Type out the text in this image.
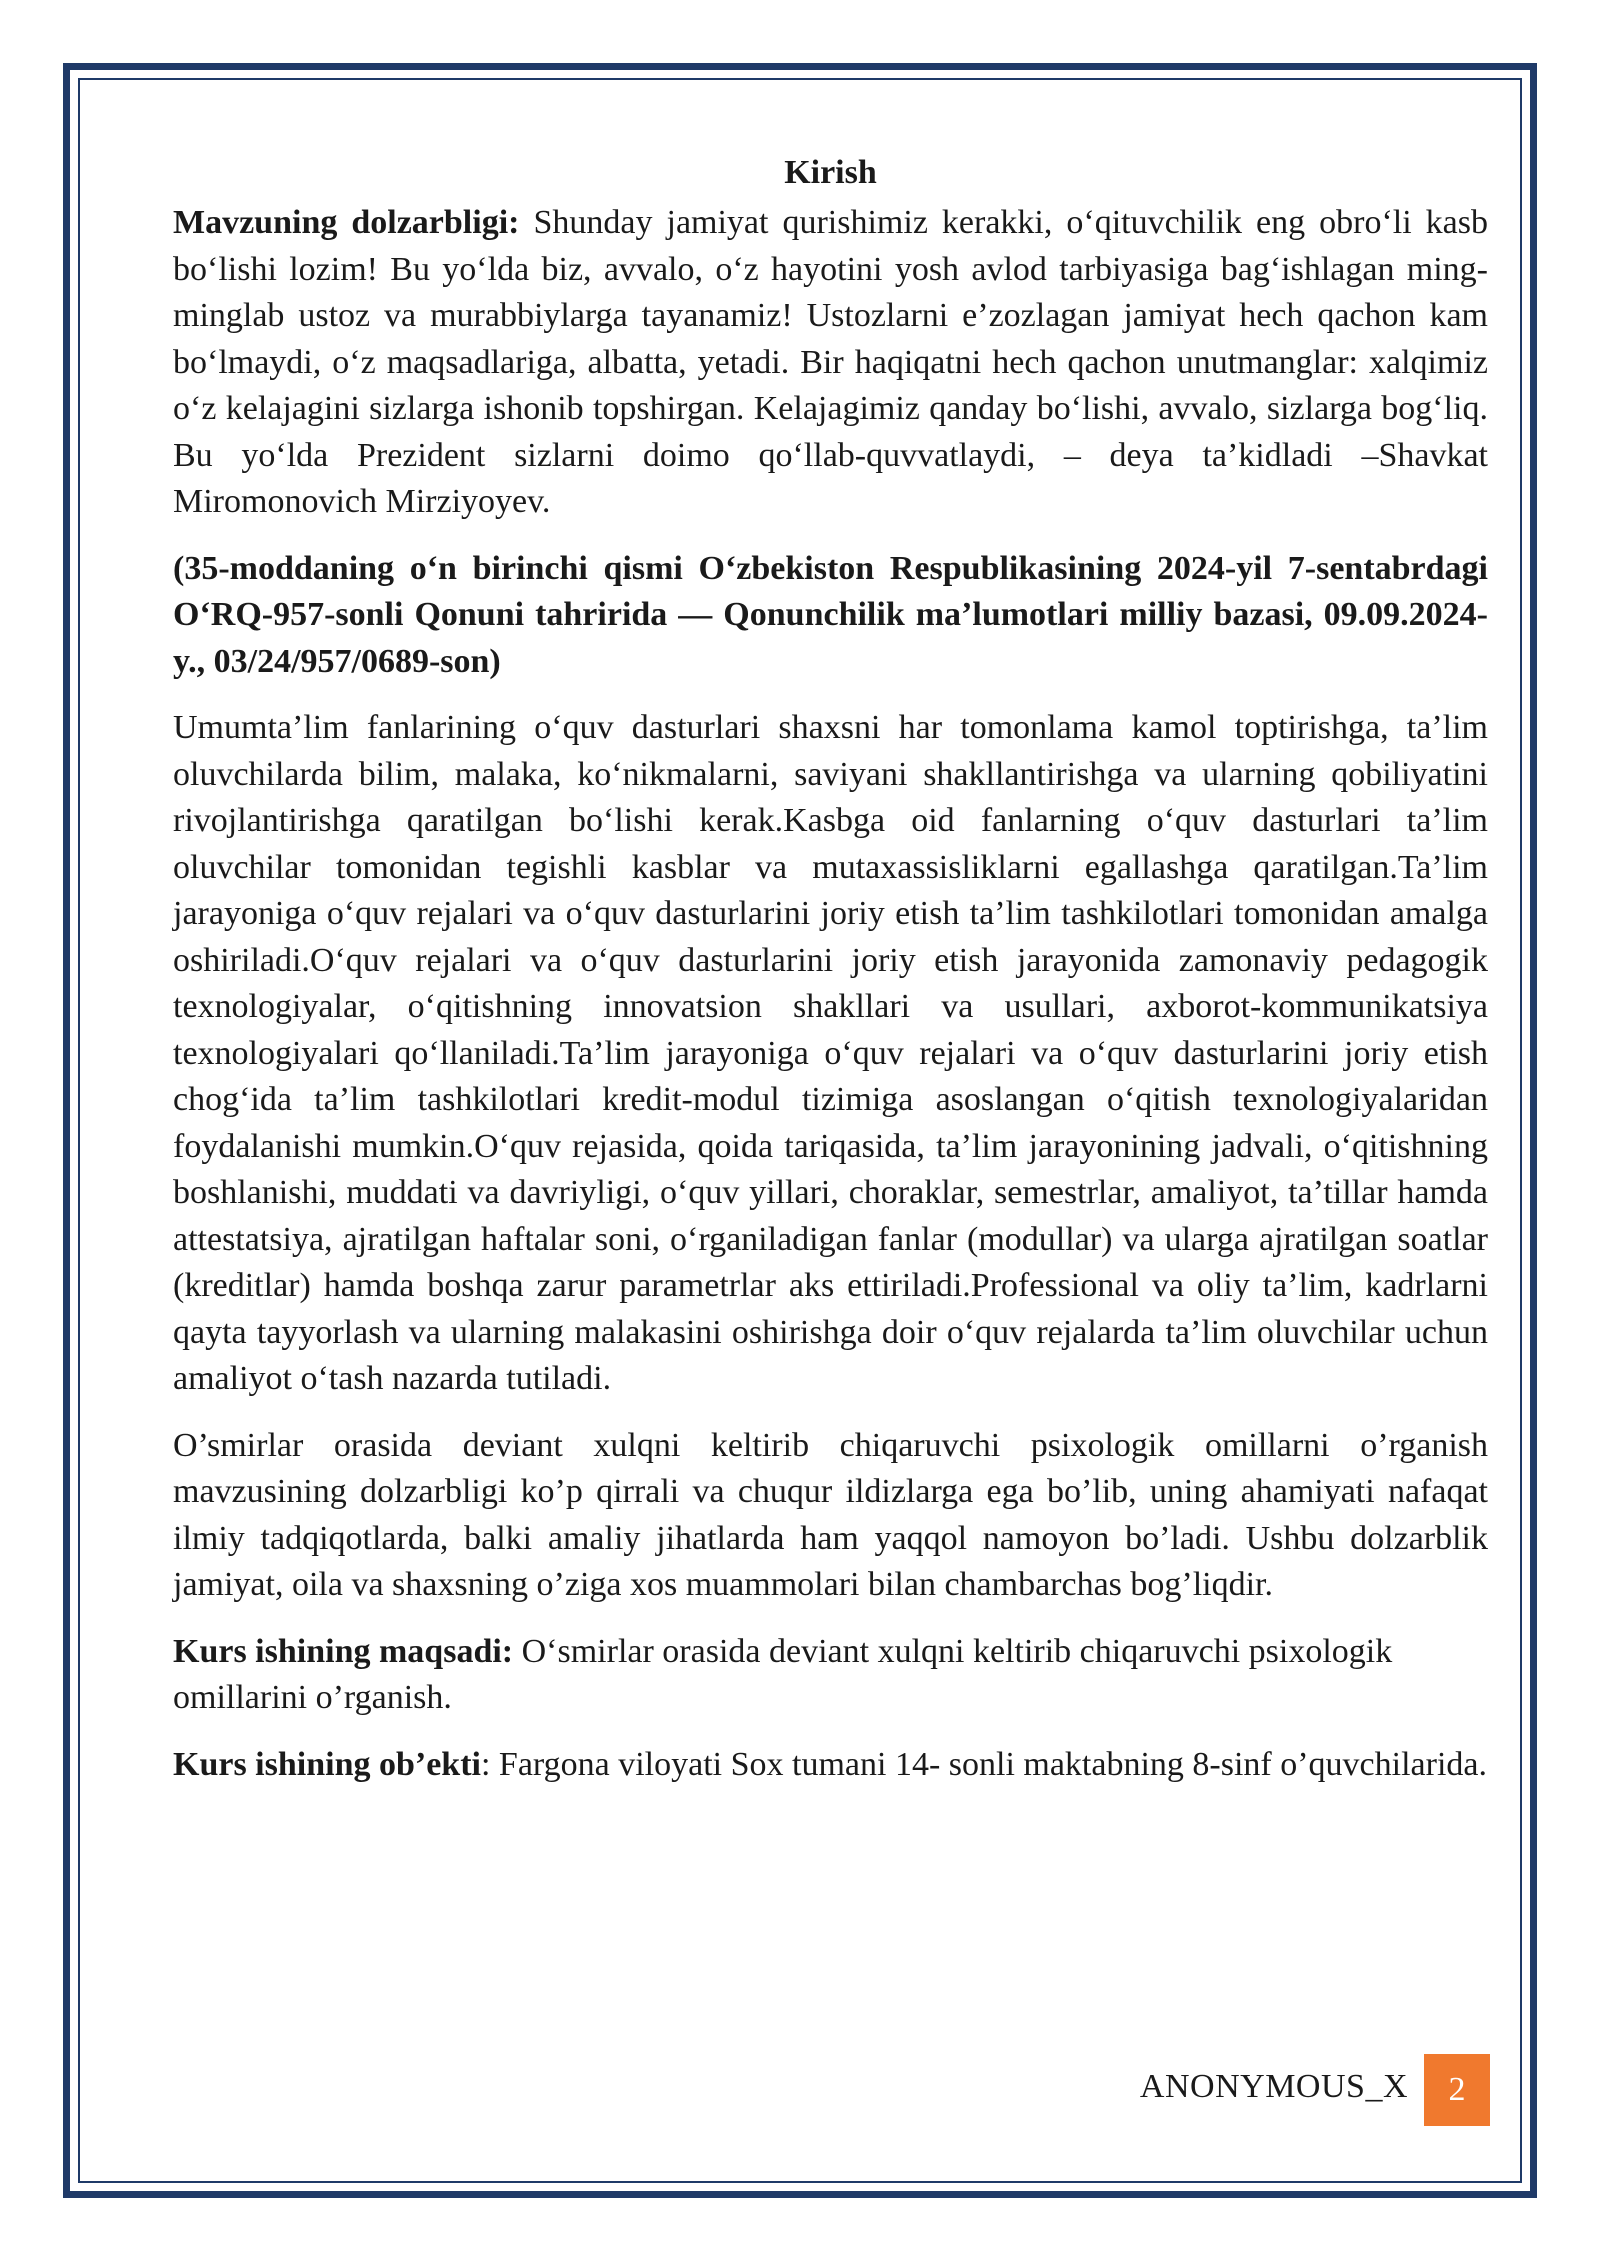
Kirish

Mavzuning dolzarbligi: Shunday jamiyat qurishimiz kerakki, o‘qituvchilik eng obro‘li kasb bo‘lishi lozim! Bu yo‘lda biz, avvalo, o‘z hayotini yosh avlod tarbiyasiga bag‘ishlagan ming-minglab ustoz va murabbiylarga tayanamiz! Ustozlarni e’zozlagan jamiyat hech qachon kam bo‘lmaydi, o‘z maqsadlariga, albatta, yetadi. Bir haqiqatni hech qachon unutmanglar: xalqimiz o‘z kelajagini sizlarga ishonib topshirgan. Kelajagimiz qanday bo‘lishi, avvalo, sizlarga bog‘liq. Bu yo‘lda Prezident sizlarni doimo qo‘llab-quvvatlaydi, – deya ta’kidladi –Shavkat Miromonovich Mirziyoyev.

(35-moddaning o‘n birinchi qismi O‘zbekiston Respublikasining 2024-yil 7-sentabrdagi O‘RQ-957-sonli Qonuni tahririda — Qonunchilik ma’lumotlari milliy bazasi, 09.09.2024-y., 03/24/957/0689-son)

Umumta’lim fanlarining o‘quv dasturlari shaxsni har tomonlama kamol toptirishga, ta’lim oluvchilarda bilim, malaka, ko‘nikmalarni, saviyani shakllantirishga va ularning qobiliyatini rivojlantirishga qaratilgan bo‘lishi kerak.Kasbga oid fanlarning o‘quv dasturlari ta’lim oluvchilar tomonidan tegishli kasblar va mutaxassisliklarni egallashga qaratilgan.Ta’lim jarayoniga o‘quv rejalari va o‘quv dasturlarini joriy etish ta’lim tashkilotlari tomonidan amalga oshiriladi.O‘quv rejalari va o‘quv dasturlarini joriy etish jarayonida zamonaviy pedagogik texnologiyalar, o‘qitishning innovatsion shakllari va usullari, axborot-kommunikatsiya texnologiyalari qo‘llaniladi.Ta’lim jarayoniga o‘quv rejalari va o‘quv dasturlarini joriy etish chog‘ida ta’lim tashkilotlari kredit-modul tizimiga asoslangan o‘qitish texnologiyalaridan foydalanishi mumkin.O‘quv rejasida, qoida tariqasida, ta’lim jarayonining jadvali, o‘qitishning boshlanishi, muddati va davriyligi, o‘quv yillari, choraklar, semestrlar, amaliyot, ta’tillar hamda attestatsiya, ajratilgan haftalar soni, o‘rganiladigan fanlar (modullar) va ularga ajratilgan soatlar (kreditlar) hamda boshqa zarur parametrlar aks ettiriladi.Professional va oliy ta’lim, kadrlarni qayta tayyorlash va ularning malakasini oshirishga doir o‘quv rejalarda ta’lim oluvchilar uchun amaliyot o‘tash nazarda tutiladi.

O’smirlar orasida deviant xulqni keltirib chiqaruvchi psixologik omillarni o’rganish mavzusining dolzarbligi ko’p qirrali va chuqur ildizlarga ega bo’lib, uning ahamiyati nafaqat ilmiy tadqiqotlarda, balki amaliy jihatlarda ham yaqqol namoyon bo’ladi. Ushbu dolzarblik jamiyat, oila va shaxsning o’ziga xos muammolari bilan chambarchas bog’liqdir.

Kurs ishining maqsadi: O‘smirlar orasida deviant xulqni keltirib chiqaruvchi psixologik omillarini o’rganish.

Kurs ishining ob’ekti: Fargona viloyati Sox tumani 14- sonli maktabning 8-sinf o’quvchilarida.

ANONYMOUS_X	2
